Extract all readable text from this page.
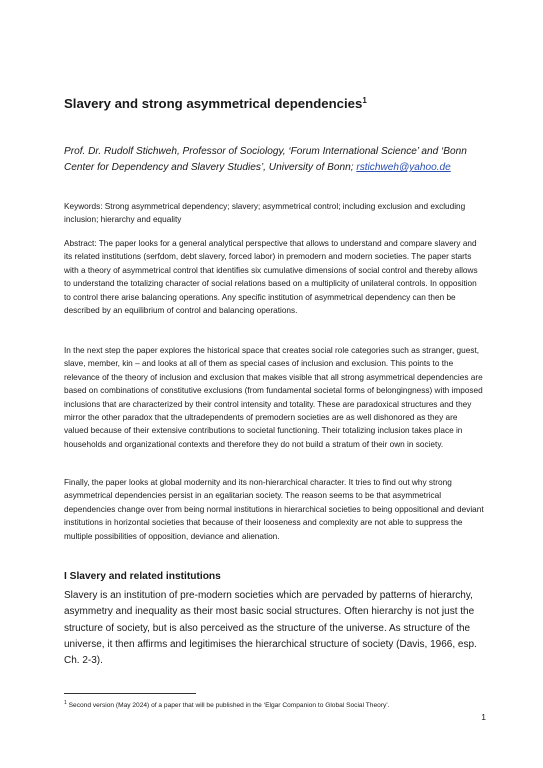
Slavery and strong asymmetrical dependencies$^1$

Prof. Dr. Rudolf Stichweh, Professor of Sociology, ‘Forum International Science’ and ‘Bonn Center for Dependency and Slavery Studies’, University of Bonn; rstichweh@yahoo.de

Keywords: Strong asymmetrical dependency; slavery; asymmetrical control; including exclusion and excluding inclusion; hierarchy and equality

Abstract: The paper looks for a general analytical perspective that allows to understand and compare slavery and its related institutions (serfdom, debt slavery, forced labor) in premodern and modern societies. The paper starts with a theory of asymmetrical control that identifies six cumulative dimensions of social control and thereby allows to understand the totalizing character of social relations based on a multiplicity of unilateral controls. In opposition to control there arise balancing operations. Any specific institution of asymmetrical dependency can then be described by an equilibrium of control and balancing operations.

In the next step the paper explores the historical space that creates social role categories such as stranger, guest, slave, member, kin – and looks at all of them as special cases of inclusion and exclusion. This points to the relevance of the theory of inclusion and exclusion that makes visible that all strong asymmetrical dependencies are based on combinations of constitutive exclusions (from fundamental societal forms of belongingness) with imposed inclusions that are characterized by their control intensity and totality. These are paradoxical structures and they mirror the other paradox that the ultradependents of premodern societies are as well dishonored as they are valued because of their extensive contributions to societal functioning. Their totalizing inclusion takes place in households and organizational contexts and therefore they do not build a stratum of their own in society.

Finally, the paper looks at global modernity and its non-hierarchical character. It tries to find out why strong asymmetrical dependencies persist in an egalitarian society. The reason seems to be that asymmetrical dependencies change over from being normal institutions in hierarchical societies to being oppositional and deviant institutions in horizontal societies that because of their looseness and complexity are not able to suppress the multiple possibilities of opposition, deviance and alienation.

I Slavery and related institutions

Slavery is an institution of pre-modern societies which are pervaded by patterns of hierarchy, asymmetry and inequality as their most basic social structures. Often hierarchy is not just the structure of society, but is also perceived as the structure of the universe. As structure of the universe, it then affirms and legitimises the hierarchical structure of society (Davis, 1966, esp. Ch. 2-3).

$^1$ Second version (May 2024) of a paper that will be published in the ‘Elgar Companion to Global Social Theory’.

1
